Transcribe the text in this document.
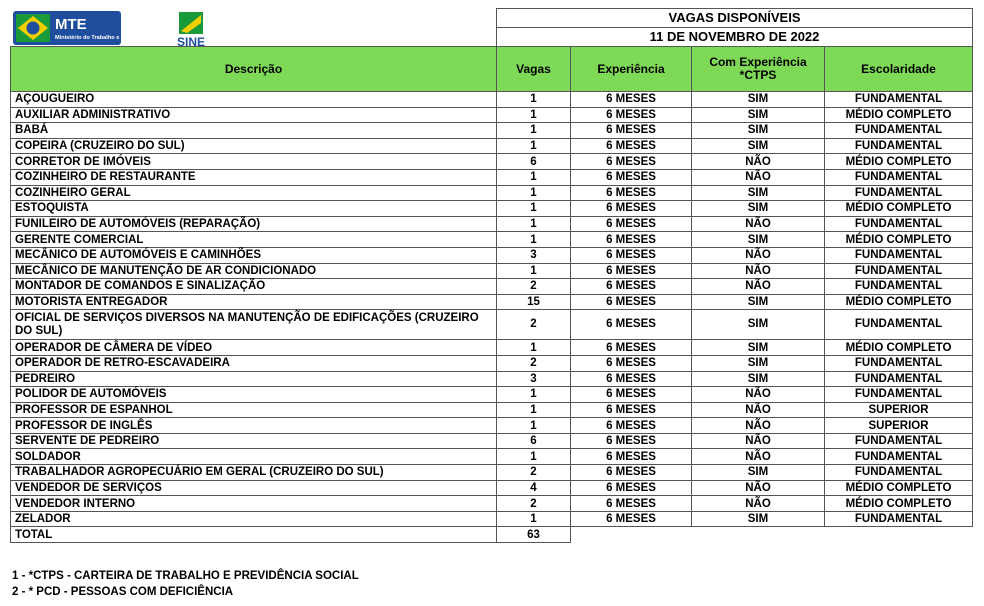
MTE
Ministério do Trabalho e Emprego SINE	VAGAS DISPONÍVEIS			
	11 DE NOVEMBRO DE 2022			
Descrição	Vagas	Experiência	Com Experiência *CTPS	Escolaridade
AÇOUGUEIRO	1	6 MESES	SIM	FUNDAMENTAL
AUXILIAR ADMINISTRATIVO	1	6 MESES	SIM	MÉDIO COMPLETO
BABÁ	1	6 MESES	SIM	FUNDAMENTAL
COPEIRA (CRUZEIRO DO SUL)	1	6 MESES	SIM	FUNDAMENTAL
CORRETOR DE IMÓVEIS	6	6 MESES	NÃO	MÉDIO COMPLETO
COZINHEIRO DE RESTAURANTE	1	6 MESES	NÃO	FUNDAMENTAL
COZINHEIRO GERAL	1	6 MESES	SIM	FUNDAMENTAL
ESTOQUISTA	1	6 MESES	SIM	MÉDIO COMPLETO
FUNILEIRO DE AUTOMÓVEIS (REPARAÇÃO)	1	6 MESES	NÃO	FUNDAMENTAL
GERENTE COMERCIAL	1	6 MESES	SIM	MÉDIO COMPLETO
MECÂNICO DE AUTOMÓVEIS E CAMINHÕES	3	6 MESES	NÃO	FUNDAMENTAL
MECÂNICO DE MANUTENÇÃO DE AR CONDICIONADO	1	6 MESES	NÃO	FUNDAMENTAL
MONTADOR DE COMANDOS E SINALIZAÇÃO	2	6 MESES	NÃO	FUNDAMENTAL
MOTORISTA ENTREGADOR	15	6 MESES	SIM	MÉDIO COMPLETO
OFICIAL DE SERVIÇOS DIVERSOS NA MANUTENÇÃO DE EDIFICAÇÕES (CRUZEIRO DO SUL)	2	6 MESES	SIM	FUNDAMENTAL
OPERADOR DE CÂMERA DE VÍDEO	1	6 MESES	SIM	MÉDIO COMPLETO
OPERADOR DE RETRO-ESCAVADEIRA	2	6 MESES	SIM	FUNDAMENTAL
PEDREIRO	3	6 MESES	SIM	FUNDAMENTAL
POLIDOR DE AUTOMÓVEIS	1	6 MESES	NÃO	FUNDAMENTAL
PROFESSOR DE ESPANHOL	1	6 MESES	NÃO	SUPERIOR
PROFESSOR DE INGLÊS	1	6 MESES	NÃO	SUPERIOR
SERVENTE DE PEDREIRO	6	6 MESES	NÃO	FUNDAMENTAL
SOLDADOR	1	6 MESES	NÃO	FUNDAMENTAL
TRABALHADOR AGROPECUÁRIO EM GERAL (CRUZEIRO DO SUL)	2	6 MESES	SIM	FUNDAMENTAL
VENDEDOR DE SERVIÇOS	4	6 MESES	NÃO	MÉDIO COMPLETO
VENDEDOR INTERNO	2	6 MESES	NÃO	MÉDIO COMPLETO
ZELADOR	1	6 MESES	SIM	FUNDAMENTAL
TOTAL	63			
1 - *CTPS - CARTEIRA DE TRABALHO E PREVIDÊNCIA SOCIAL
2 - * PCD - PESSOAS COM DEFICIÊNCIA
